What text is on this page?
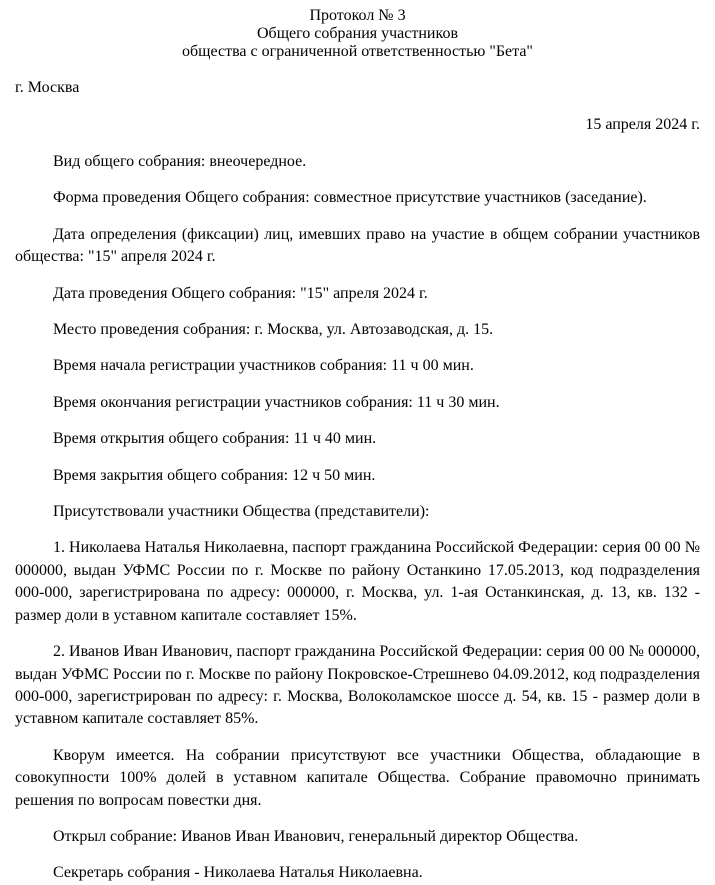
Протокол № 3
Общего собрания участников
общества с ограниченной ответственностью "Бета"

г. Москва

15 апреля 2024 г.

Вид общего собрания: внеочередное.

Форма проведения Общего собрания: совместное присутствие участников (заседание).

Дата определения (фиксации) лиц, имевших право на участие в общем собрании участников общества: "15" апреля 2024 г.

Дата проведения Общего собрания: "15" апреля 2024 г.

Место проведения собрания: г. Москва, ул. Автозаводская, д. 15.

Время начала регистрации участников собрания: 11 ч 00 мин.

Время окончания регистрации участников собрания: 11 ч 30 мин.

Время открытия общего собрания: 11 ч 40 мин.

Время закрытия общего собрания: 12 ч 50 мин.

Присутствовали участники Общества (представители):

1. Николаева Наталья Николаевна, паспорт гражданина Российской Федерации: серия 00 00 № 000000, выдан УФМС России по г. Москве по району Останкино 17.05.2013, код подразделения 000-000, зарегистрирована по адресу: 000000, г. Москва, ул. 1-ая Останкинская, д. 13, кв. 132 - размер доли в уставном капитале составляет 15%.

2. Иванов Иван Иванович, паспорт гражданина Российской Федерации: серия 00 00 № 000000, выдан УФМС России по г. Москве по району Покровское-Стрешнево 04.09.2012, код подразделения 000-000, зарегистрирован по адресу: г. Москва, Волоколамское шоссе д. 54, кв. 15 - размер доли в уставном капитале составляет 85%.

Кворум имеется. На собрании присутствуют все участники Общества, обладающие в совокупности 100% долей в уставном капитале Общества. Собрание правомочно принимать решения по вопросам повестки дня.

Открыл собрание: Иванов Иван Иванович, генеральный директор Общества.

Секретарь собрания - Николаева Наталья Николаевна.
